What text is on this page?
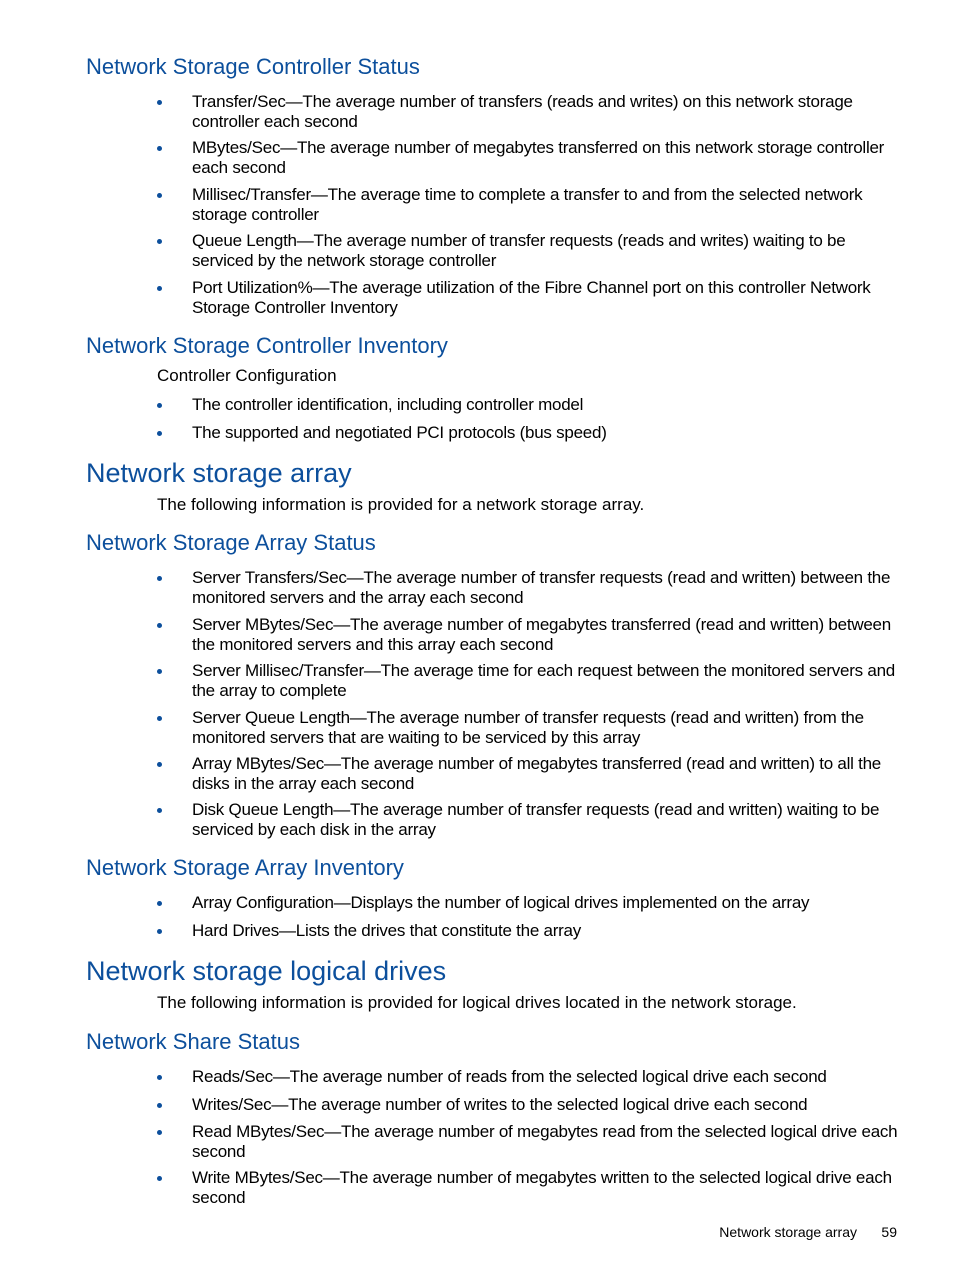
Network Storage Controller Status
Transfer/Sec—The average number of transfers (reads and writes) on this network storage controller each second
MBytes/Sec—The average number of megabytes transferred on this network storage controller each second
Millisec/Transfer—The average time to complete a transfer to and from the selected network storage controller
Queue Length—The average number of transfer requests (reads and writes) waiting to be serviced by the network storage controller
Port Utilization%—The average utilization of the Fibre Channel port on this controller Network Storage Controller Inventory
Network Storage Controller Inventory

Controller Configuration

The controller identification, including controller model
The supported and negotiated PCI protocols (bus speed)
Network storage array

The following information is provided for a network storage array.

Network Storage Array Status
Server Transfers/Sec—The average number of transfer requests (read and written) between the monitored servers and the array each second
Server MBytes/Sec—The average number of megabytes transferred (read and written) between the monitored servers and this array each second
Server Millisec/Transfer—The average time for each request between the monitored servers and the array to complete
Server Queue Length—The average number of transfer requests (read and written) from the monitored servers that are waiting to be serviced by this array
Array MBytes/Sec—The average number of megabytes transferred (read and written) to all the disks in the array each second
Disk Queue Length—The average number of transfer requests (read and written) waiting to be serviced by each disk in the array
Network Storage Array Inventory
Array Configuration—Displays the number of logical drives implemented on the array
Hard Drives—Lists the drives that constitute the array
Network storage logical drives

The following information is provided for logical drives located in the network storage.

Network Share Status
Reads/Sec—The average number of reads from the selected logical drive each second
Writes/Sec—The average number of writes to the selected logical drive each second
Read MBytes/Sec—The average number of megabytes read from the selected logical drive each second
Write MBytes/Sec—The average number of megabytes written to the selected logical drive each second
Network storage array 59
